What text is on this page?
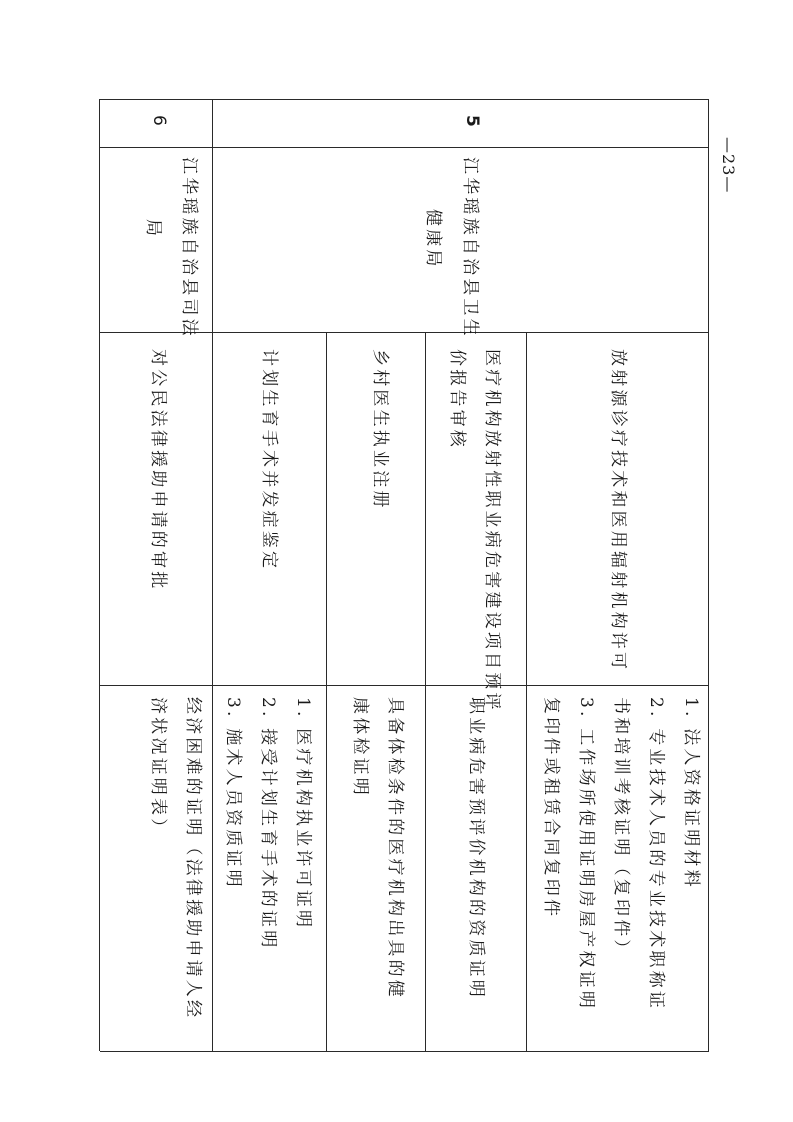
放射源诊疗技术和医用辐射机构许可
1. 法人资格证明材料
2. 专业技术人员的专业技术职称证
书和培训考核证明（复印件）
3. 工作场所使用证明房屋产权证明
复印件或租赁合同复印件
医疗机构放射性职业病危害建设项目预评
价报告审核
职业病危害预评价机构的资质证明
5
江华瑶族自治县卫生
健康局
乡村医生执业注册
具备体检条件的医疗机构出具的健
康体检证明
计划生育手术并发症鉴定
1. 医疗机构执业许可证明
2. 接受计划生育手术的证明
3. 施术人员资质证明
6
江华瑶族自治县司法
局
对公民法律援助申请的审批
经济困难的证明（法律援助申请人经
济状况证明表）
—23—
